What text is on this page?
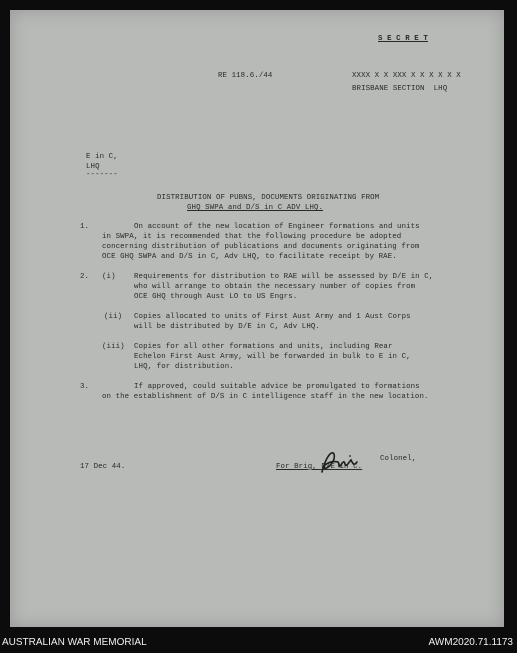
S E C R E T
RE 118.6./44	XXXX X X XXX X X X X X X
BRISBANE SECTION  LHQ
E in C,
LHQ
-------
DISTRIBUTION OF PUBNS, DOCUMENTS ORIGINATING FROM
GHQ SWPA and D/S in C ADV LHQ.
1.	On account of the new location of Engineer formations and units
in SWPA, it is recommended that the following procedure be adopted
concerning distribution of publications and documents originating from
OCE GHQ SWPA and D/S in C, Adv LHQ, to facilitate receipt by RAE.
2. (i) Requirements for distribution to RAE will be assessed by D/E in C,
who will arrange to obtain the necessary number of copies from
OCE GHQ through Aust LO to US Engrs.
(ii) Copies allocated to units of First Aust Army and 1 Aust Corps
will be distributed by D/E in C, Adv LHQ.
(iii) Copies for all other formations and units, including Rear
Echelon First Aust Army, will be forwarded in bulk to E in C,
LHQ, for distribution.
3.	If approved, could suitable advice be promulgated to formations
on the establishment of D/S in C intelligence staff in the new location.
Colonel,
17 Dec 44.	For Brig, D/E in C.
AUSTRALIAN WAR MEMORIAL	AWM2020.71.1173
